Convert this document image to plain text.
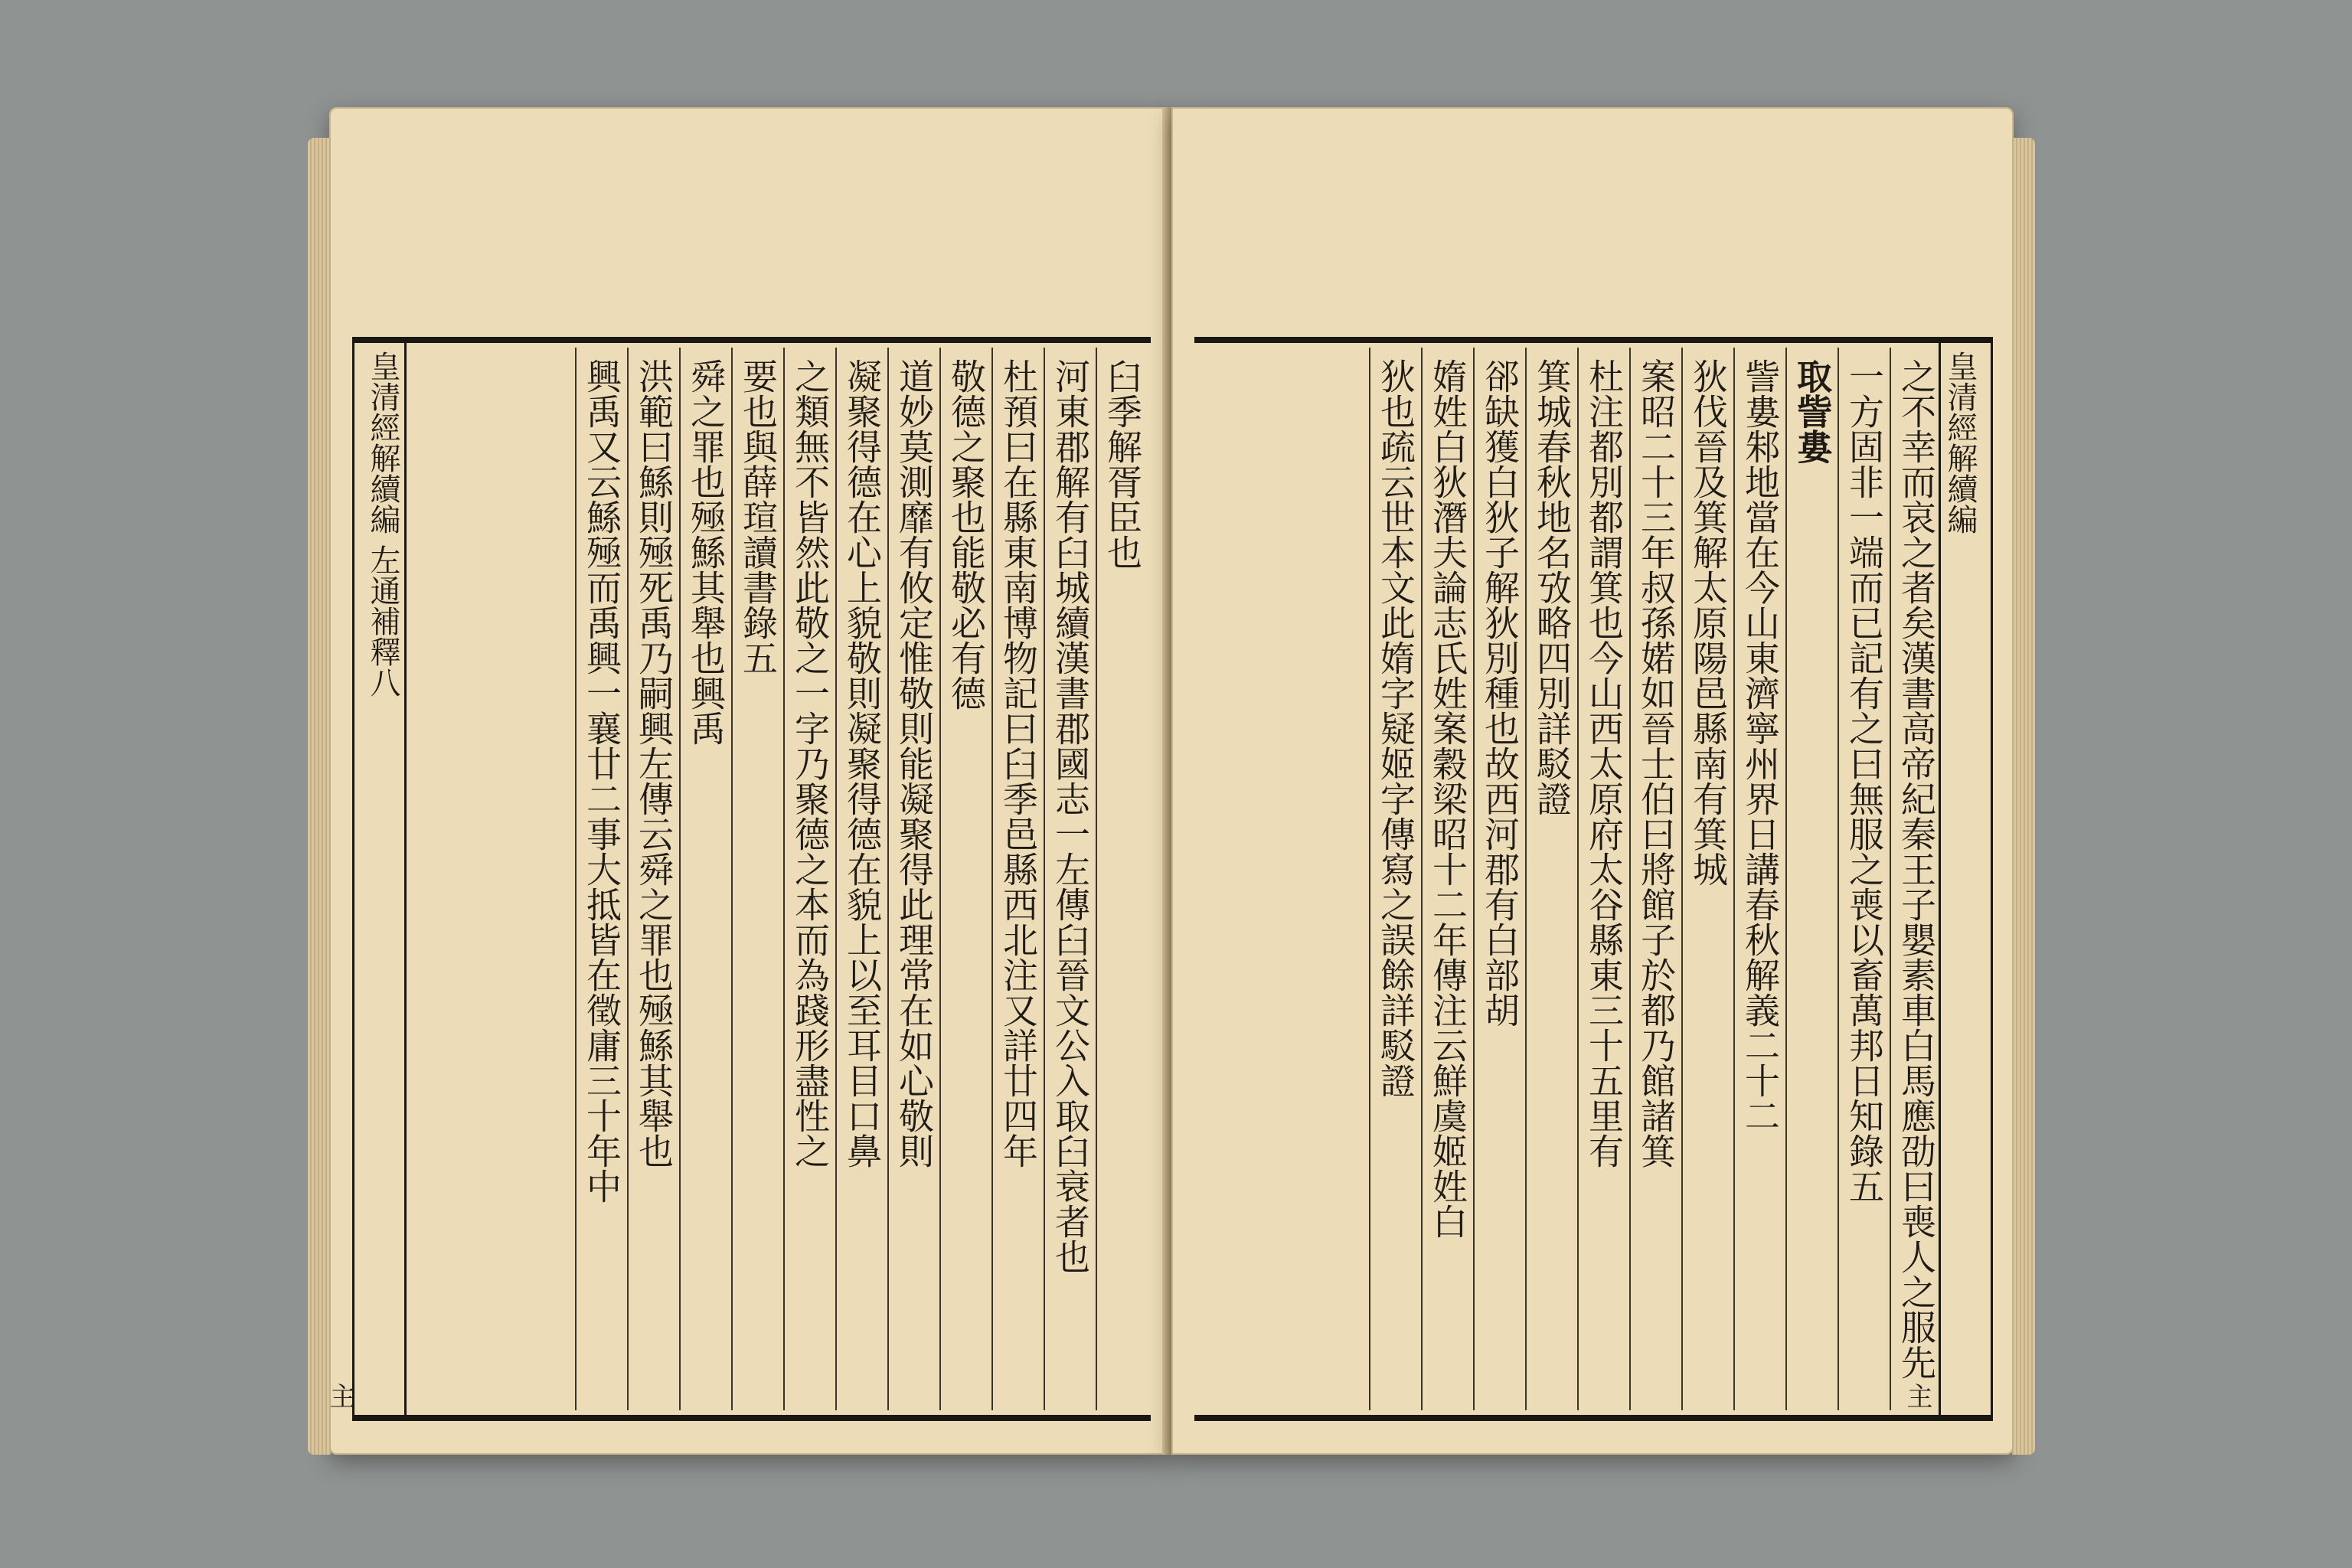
臼季解胥臣也
河東郡解有臼城續漢書郡國志一左傳臼晉文公入取臼衰者也
杜預曰在縣東南博物記曰臼季邑縣西北注又詳廿四年
敬德之聚也能敬必有德
道妙莫測靡有攸定惟敬則能凝聚得此理常在如心敬則
凝聚得德在心上貌敬則凝聚得德在貌上以至耳目口鼻
之類無不皆然此敬之一字乃聚德之本而為踐形盡性之
要也與薛瑄讀書錄五
舜之罪也殛鯀其舉也興禹
洪範曰鯀則殛死禹乃嗣興左傳云舜之罪也殛鯀其舉也
興禹又云鯀殛而禹興一襄廿二事大抵皆在徵庸三十年中
皇清經解續編 左通補釋八
主
之不幸而哀之者矣漢書高帝紀秦王子嬰素車白馬應劭曰喪人之服先
一方固非一端而已記有之曰無服之喪以畜萬邦日知錄五
取訾婁
訾婁邾地當在今山東濟寧州界日講春秋解義二十二
狄伐晉及箕解太原陽邑縣南有箕城
案昭二十三年叔孫婼如晉士伯曰將館子於都乃館諸箕
杜注都別都謂箕也今山西太原府太谷縣東三十五里有
箕城春秋地名攷略四別詳駁證
郤缺獲白狄子解狄別種也故西河郡有白部胡
媠姓白狄潛夫論志氏姓案穀梁昭十二年傳注云鮮虞姬姓白
狄也疏云世本文此媠字疑姬字傳寫之誤餘詳駁證	皇清經解續編
主
